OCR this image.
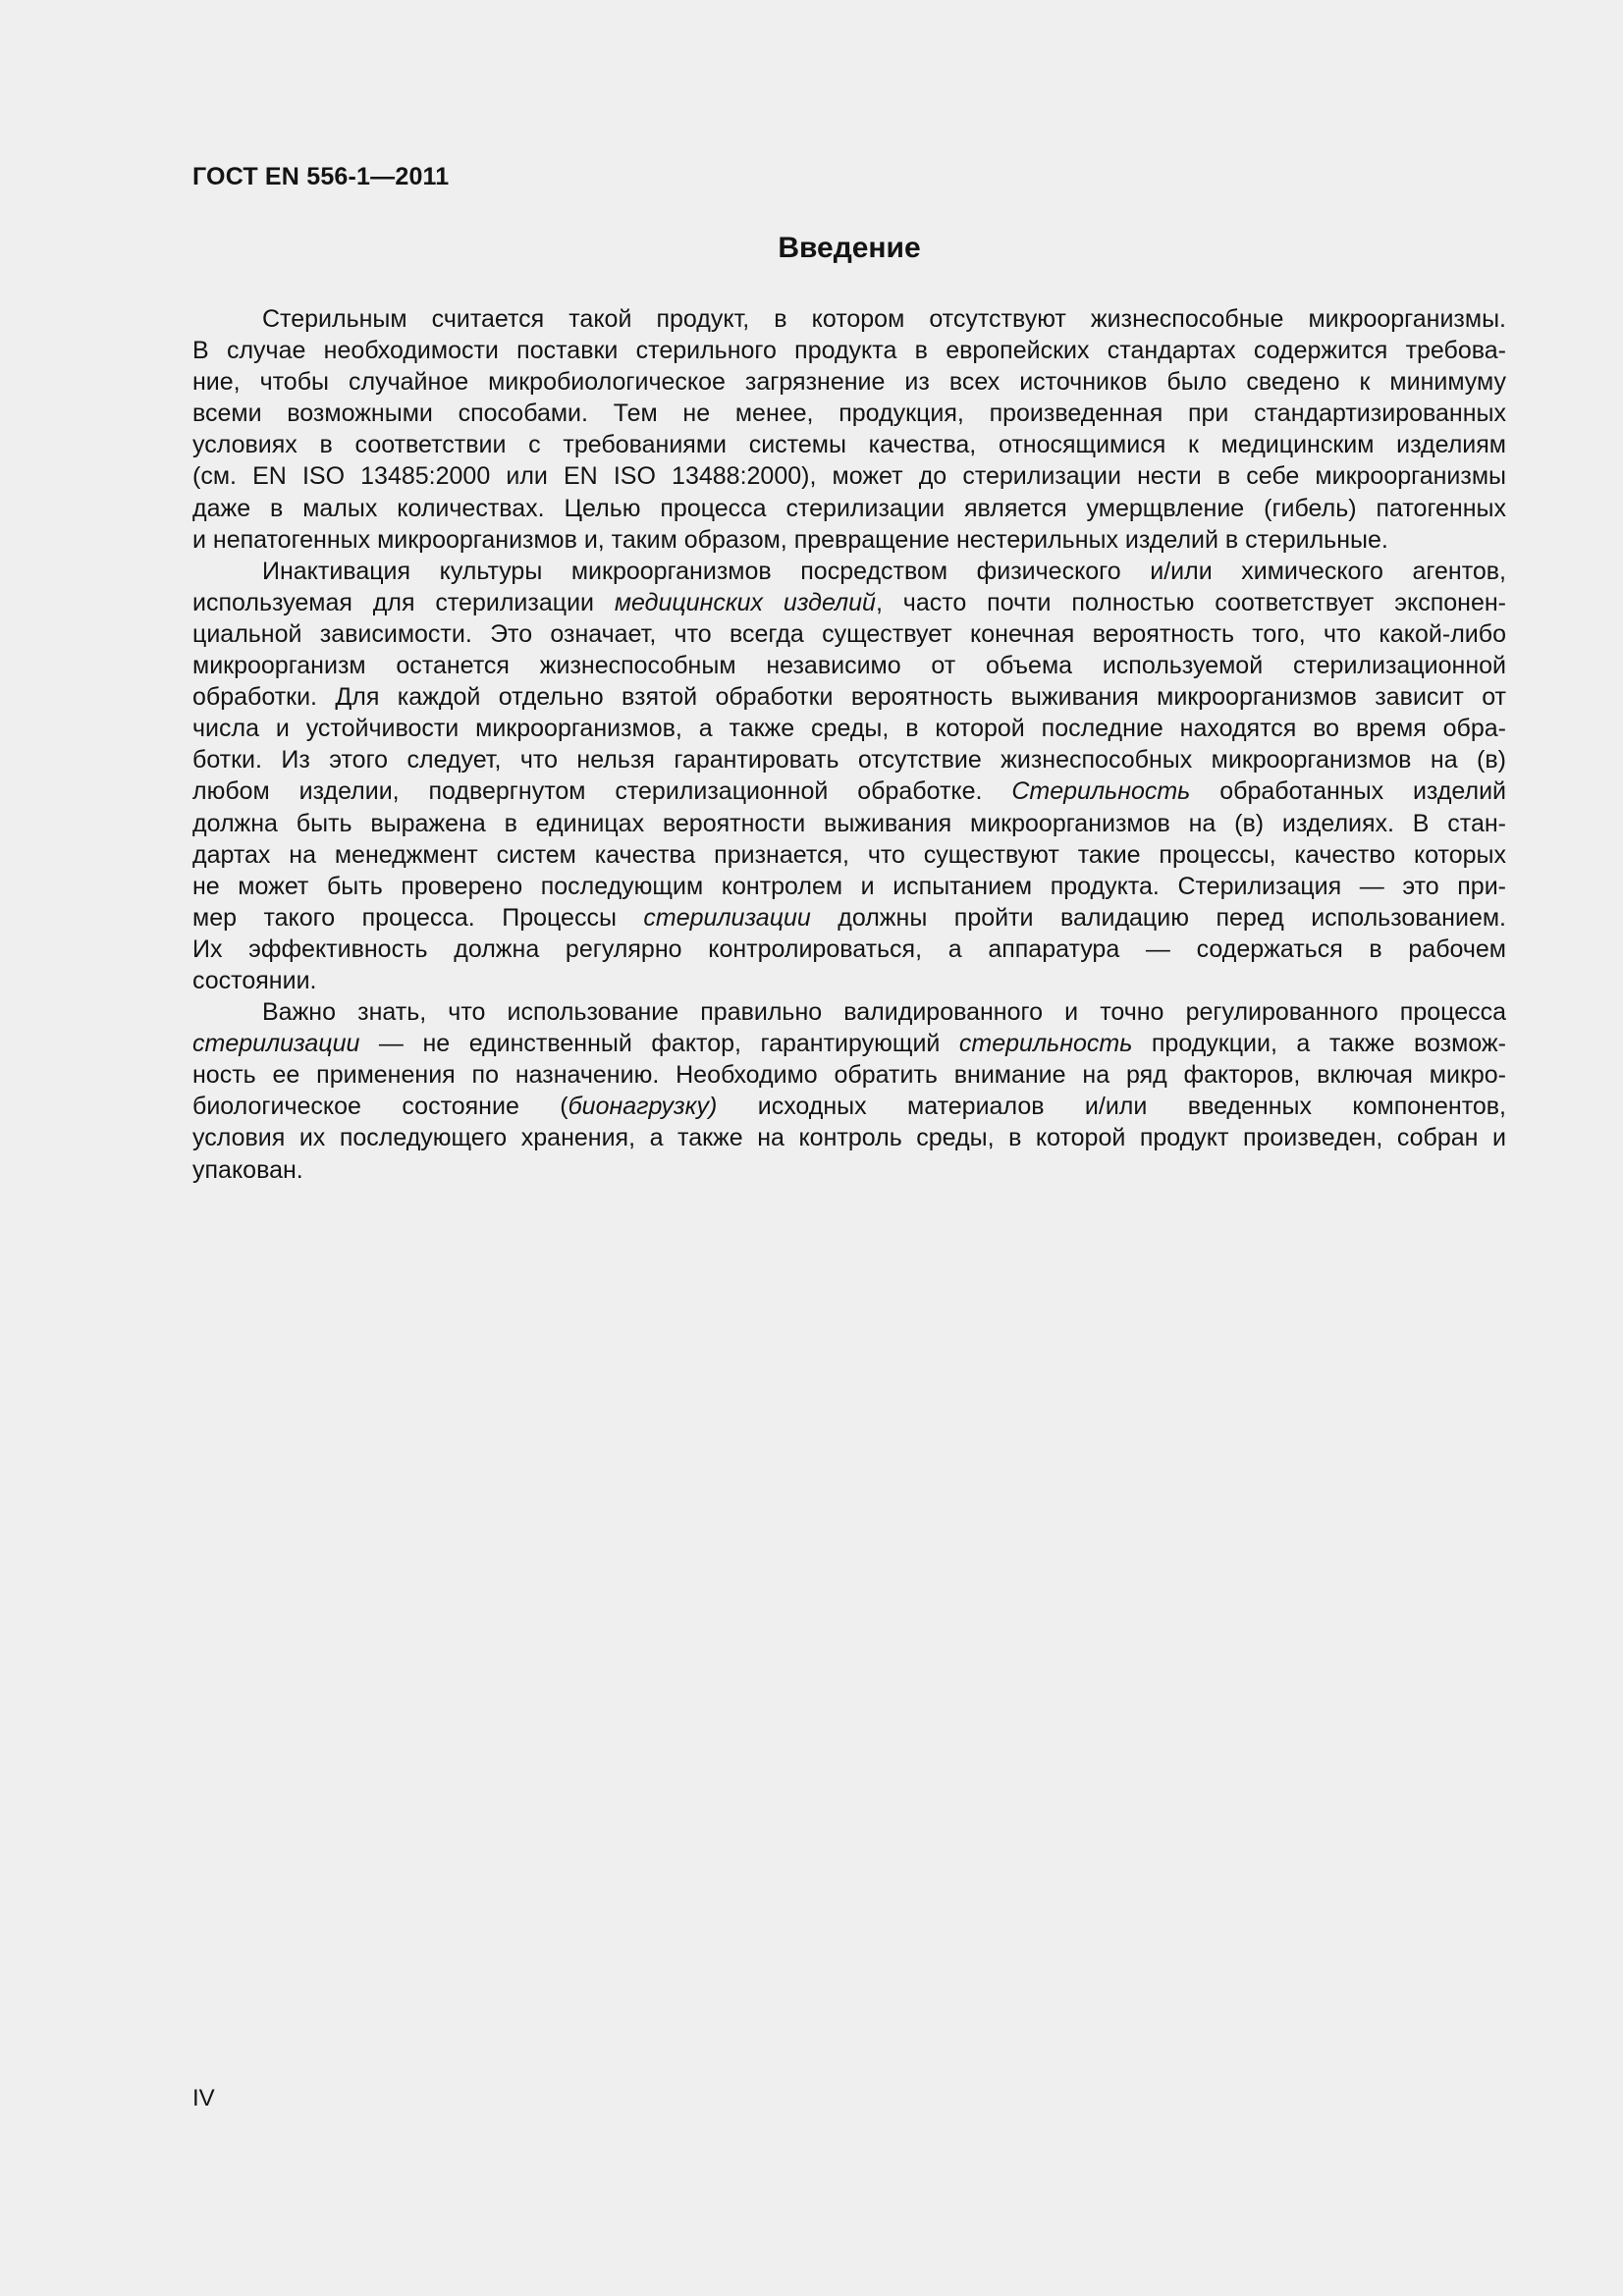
ГОСТ EN 556-1—2011
Введение
Стерильным считается такой продукт, в котором отсутствуют жизнеспособные микроорганизмы.
В случае необходимости поставки стерильного продукта в европейских стандартах содержится требова-
ние, чтобы случайное микробиологическое загрязнение из всех источников было сведено к минимуму
всеми возможными способами. Тем не менее, продукция, произведенная при стандартизированных
условиях в соответствии с требованиями системы качества, относящимися к медицинским изделиям
(см. EN ISO 13485:2000 или EN ISO 13488:2000), может до стерилизации нести в себе микроорганизмы
даже в малых количествах. Целью процесса стерилизации является умерщвление (гибель) патогенных
и непатогенных микроорганизмов и, таким образом, превращение нестерильных изделий в стерильные.
Инактивация культуры микроорганизмов посредством физического и/или химического агентов,
используемая для стерилизации медицинских изделий, часто почти полностью соответствует экспонен-
циальной зависимости. Это означает, что всегда существует конечная вероятность того, что какой-либо
микроорганизм останется жизнеспособным независимо от объема используемой стерилизационной
обработки. Для каждой отдельно взятой обработки вероятность выживания микроорганизмов зависит от
числа и устойчивости микроорганизмов, а также среды, в которой последние находятся во время обра-
ботки. Из этого следует, что нельзя гарантировать отсутствие жизнеспособных микроорганизмов на (в)
любом изделии, подвергнутом стерилизационной обработке. Стерильность обработанных изделий
должна быть выражена в единицах вероятности выживания микроорганизмов на (в) изделиях. В стан-
дартах на менеджмент систем качества признается, что существуют такие процессы, качество которых
не может быть проверено последующим контролем и испытанием продукта. Стерилизация — это при-
мер такого процесса. Процессы стерилизации должны пройти валидацию перед использованием.
Их эффективность должна регулярно контролироваться, а аппаратура — содержаться в рабочем
состоянии.
Важно знать, что использование правильно валидированного и точно регулированного процесса
стерилизации — не единственный фактор, гарантирующий стерильность продукции, а также возмож-
ность ее применения по назначению. Необходимо обратить внимание на ряд факторов, включая микро-
биологическое состояние (бионагрузку) исходных материалов и/или введенных компонентов,
условия их последующего хранения, а также на контроль среды, в которой продукт произведен, собран и
упакован.
IV
